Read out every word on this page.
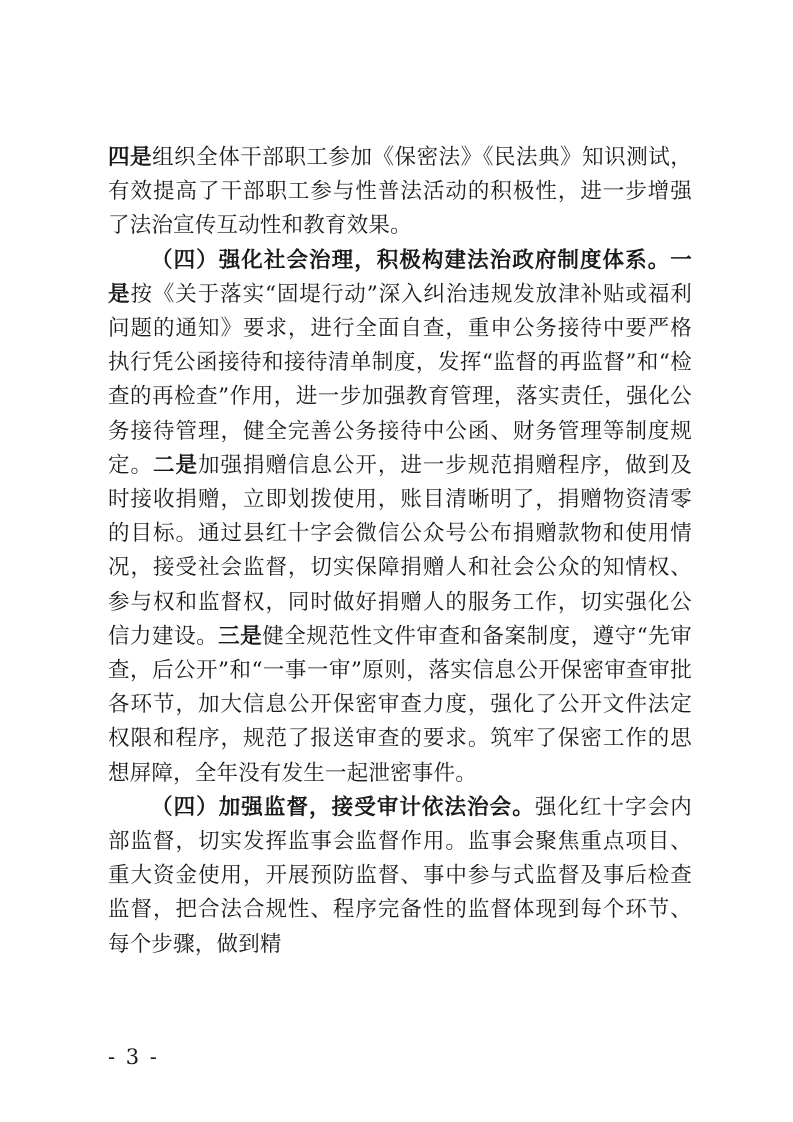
四是组织全体干部职工参加《保密法》《民法典》知识测试，有效提高了干部职工参与性普法活动的积极性，进一步增强了法治宣传互动性和教育效果。

（四）强化社会治理，积极构建法治政府制度体系。一是按《关于落实“固堤行动”深入纠治违规发放津补贴或福利问题的通知》要求，进行全面自查，重申公务接待中要严格执行凭公函接待和接待清单制度，发挥“监督的再监督”和“检查的再检查”作用，进一步加强教育管理，落实责任，强化公务接待管理，健全完善公务接待中公函、财务管理等制度规定。二是加强捐赠信息公开，进一步规范捐赠程序，做到及时接收捐赠，立即划拨使用，账目清晰明了，捐赠物资清零的目标。通过县红十字会微信公众号公布捐赠款物和使用情况，接受社会监督，切实保障捐赠人和社会公众的知情权、参与权和监督权，同时做好捐赠人的服务工作，切实强化公信力建设。三是健全规范性文件审查和备案制度，遵守“先审查，后公开”和“一事一审”原则，落实信息公开保密审查审批各环节，加大信息公开保密审查力度，强化了公开文件法定权限和程序，规范了报送审查的要求。筑牢了保密工作的思想屏障，全年没有发生一起泄密事件。

（四）加强监督，接受审计依法治会。强化红十字会内部监督，切实发挥监事会监督作用。监事会聚焦重点项目、重大资金使用，开展预防监督、事中参与式监督及事后检查监督，把合法合规性、程序完备性的监督体现到每个环节、每个步骤，做到精

- 3 -
